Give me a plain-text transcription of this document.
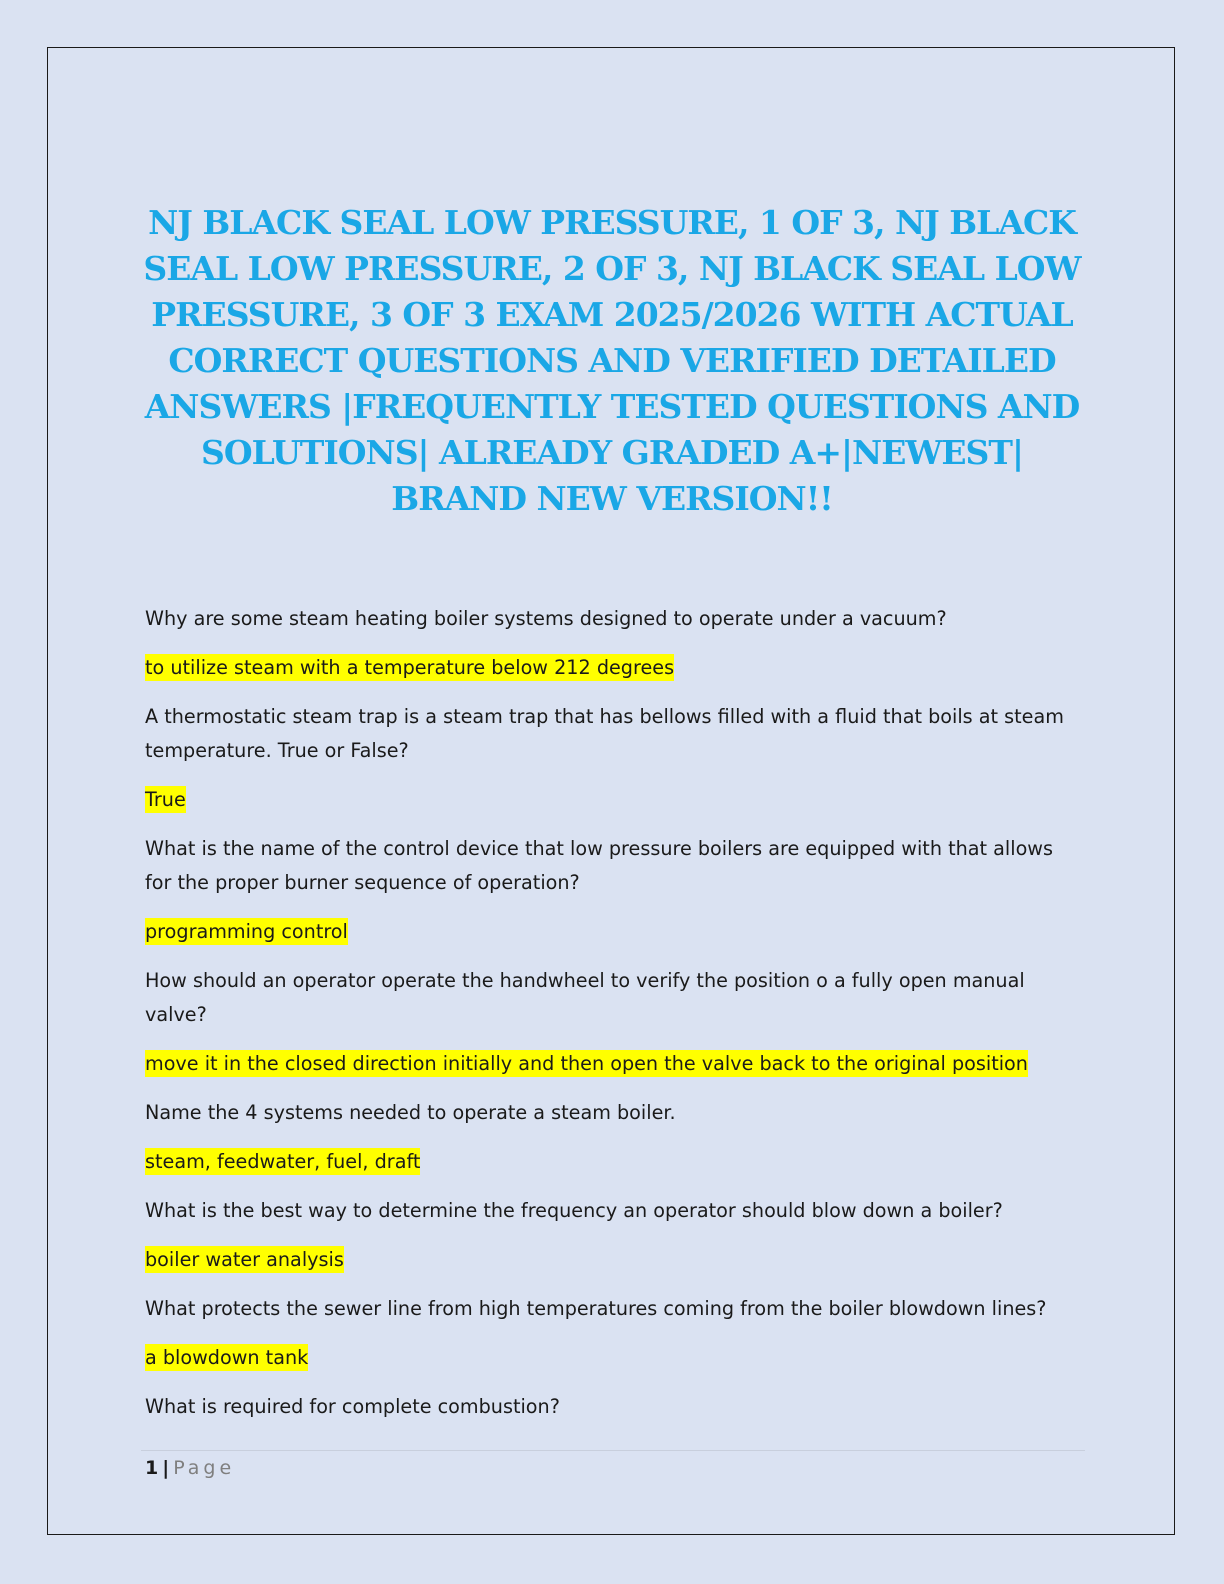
NJ BLACK SEAL LOW PRESSURE, 1 OF 3, NJ BLACK SEAL LOW PRESSURE, 2 OF 3, NJ BLACK SEAL LOW PRESSURE, 3 OF 3 EXAM 2025/2026 WITH ACTUAL CORRECT QUESTIONS AND VERIFIED DETAILED ANSWERS |FREQUENTLY TESTED QUESTIONS AND SOLUTIONS| ALREADY GRADED A+|NEWEST| BRAND NEW VERSION!!

Why are some steam heating boiler systems designed to operate under a vacuum?

to utilize steam with a temperature below 212 degrees

A thermostatic steam trap is a steam trap that has bellows filled with a fluid that boils at steam temperature. True or False?

True

What is the name of the control device that low pressure boilers are equipped with that allows for the proper burner sequence of operation?

programming control

How should an operator operate the handwheel to verify the position o a fully open manual valve?

move it in the closed direction initially and then open the valve back to the original position

Name the 4 systems needed to operate a steam boiler.

steam, feedwater, fuel, draft

What is the best way to determine the frequency an operator should blow down a boiler?

boiler water analysis

What protects the sewer line from high temperatures coming from the boiler blowdown lines?

a blowdown tank

What is required for complete combustion?

1 | Page
